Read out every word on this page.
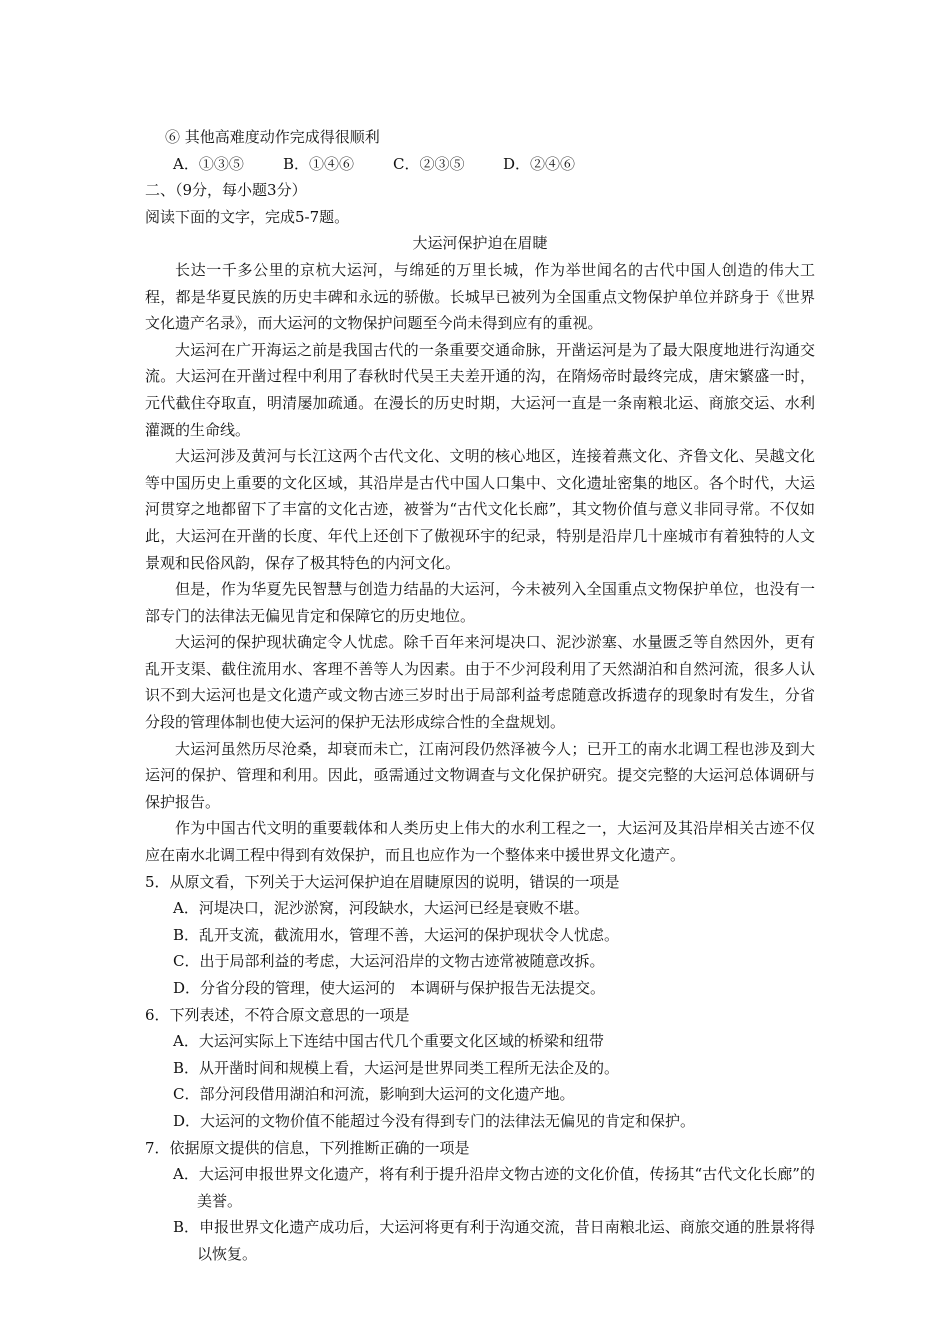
⑥ 其他高难度动作完成得很顺利
A．①③⑤	B．①④⑥	C．②③⑤	D．②④⑥
二、（9分，每小题3分）
阅读下面的文字，完成5-7题。
大运河保护迫在眉睫

长达一千多公里的京杭大运河，与绵延的万里长城，作为举世闻名的古代中国人创造的伟大工程，都是华夏民族的历史丰碑和永远的骄傲。长城早已被列为全国重点文物保护单位并跻身于《世界文化遗产名录》，而大运河的文物保护问题至今尚未得到应有的重视。

大运河在广开海运之前是我国古代的一条重要交通命脉，开凿运河是为了最大限度地进行沟通交流。大运河在开凿过程中利用了春秋时代吴王夫差开通的沟，在隋炀帝时最终完成，唐宋繁盛一时，元代截住夺取直，明清屡加疏通。在漫长的历史时期，大运河一直是一条南粮北运、商旅交运、水利灌溉的生命线。

大运河涉及黄河与长江这两个古代文化、文明的核心地区，连接着燕文化、齐鲁文化、吴越文化等中国历史上重要的文化区域，其沿岸是古代中国人口集中、文化遗址密集的地区。各个时代，大运河贯穿之地都留下了丰富的文化古迹，被誉为“古代文化长廊”，其文物价值与意义非同寻常。不仅如此，大运河在开凿的长度、年代上还创下了傲视环宇的纪录，特别是沿岸几十座城市有着独特的人文景观和民俗风韵，保存了极其特色的内河文化。

但是，作为华夏先民智慧与创造力结晶的大运河，今未被列入全国重点文物保护单位，也没有一部专门的法律法无偏见肯定和保障它的历史地位。

大运河的保护现状确定令人忧虑。除千百年来河堤决口、泥沙淤塞、水量匮乏等自然因外，更有乱开支渠、截住流用水、客理不善等人为因素。由于不少河段利用了天然湖泊和自然河流，很多人认识不到大运河也是文化遗产或文物古迹三岁时出于局部利益考虑随意改拆遗存的现象时有发生，分省分段的管理体制也使大运河的保护无法形成综合性的全盘规划。

大运河虽然历尽沧桑，却衰而未亡，江南河段仍然泽被今人；已开工的南水北调工程也涉及到大运河的保护、管理和利用。因此，亟需通过文物调查与文化保护研究。提交完整的大运河总体调研与保护报告。

作为中国古代文明的重要载体和人类历史上伟大的水利工程之一，大运河及其沿岸相关古迹不仅应在南水北调工程中得到有效保护，而且也应作为一个整体来中援世界文化遗产。

5．从原文看，下列关于大运河保护迫在眉睫原因的说明，错误的一项是

A．河堤决口，泥沙淤窝，河段缺水，大运河已经是衰败不堪。

B．乱开支流，截流用水，管理不善，大运河的保护现状令人忧虑。

C．出于局部利益的考虑，大运河沿岸的文物古迹常被随意改拆。

D．分省分段的管理，使大运河的　本调研与保护报告无法提交。

6．下列表述，不符合原文意思的一项是

A．大运河实际上下连结中国古代几个重要文化区域的桥梁和纽带

B．从开凿时间和规模上看，大运河是世界同类工程所无法企及的。

C．部分河段借用湖泊和河流，影响到大运河的文化遗产地。

D．大运河的文物价值不能超过今没有得到专门的法律法无偏见的肯定和保护。

7．依据原文提供的信息，下列推断正确的一项是

A．大运河申报世界文化遗产，将有利于提升沿岸文物古迹的文化价值，传扬其“古代文化长廊”的美誉。

B．申报世界文化遗产成功后，大运河将更有利于沟通交流，昔日南粮北运、商旅交通的胜景将得以恢复。
